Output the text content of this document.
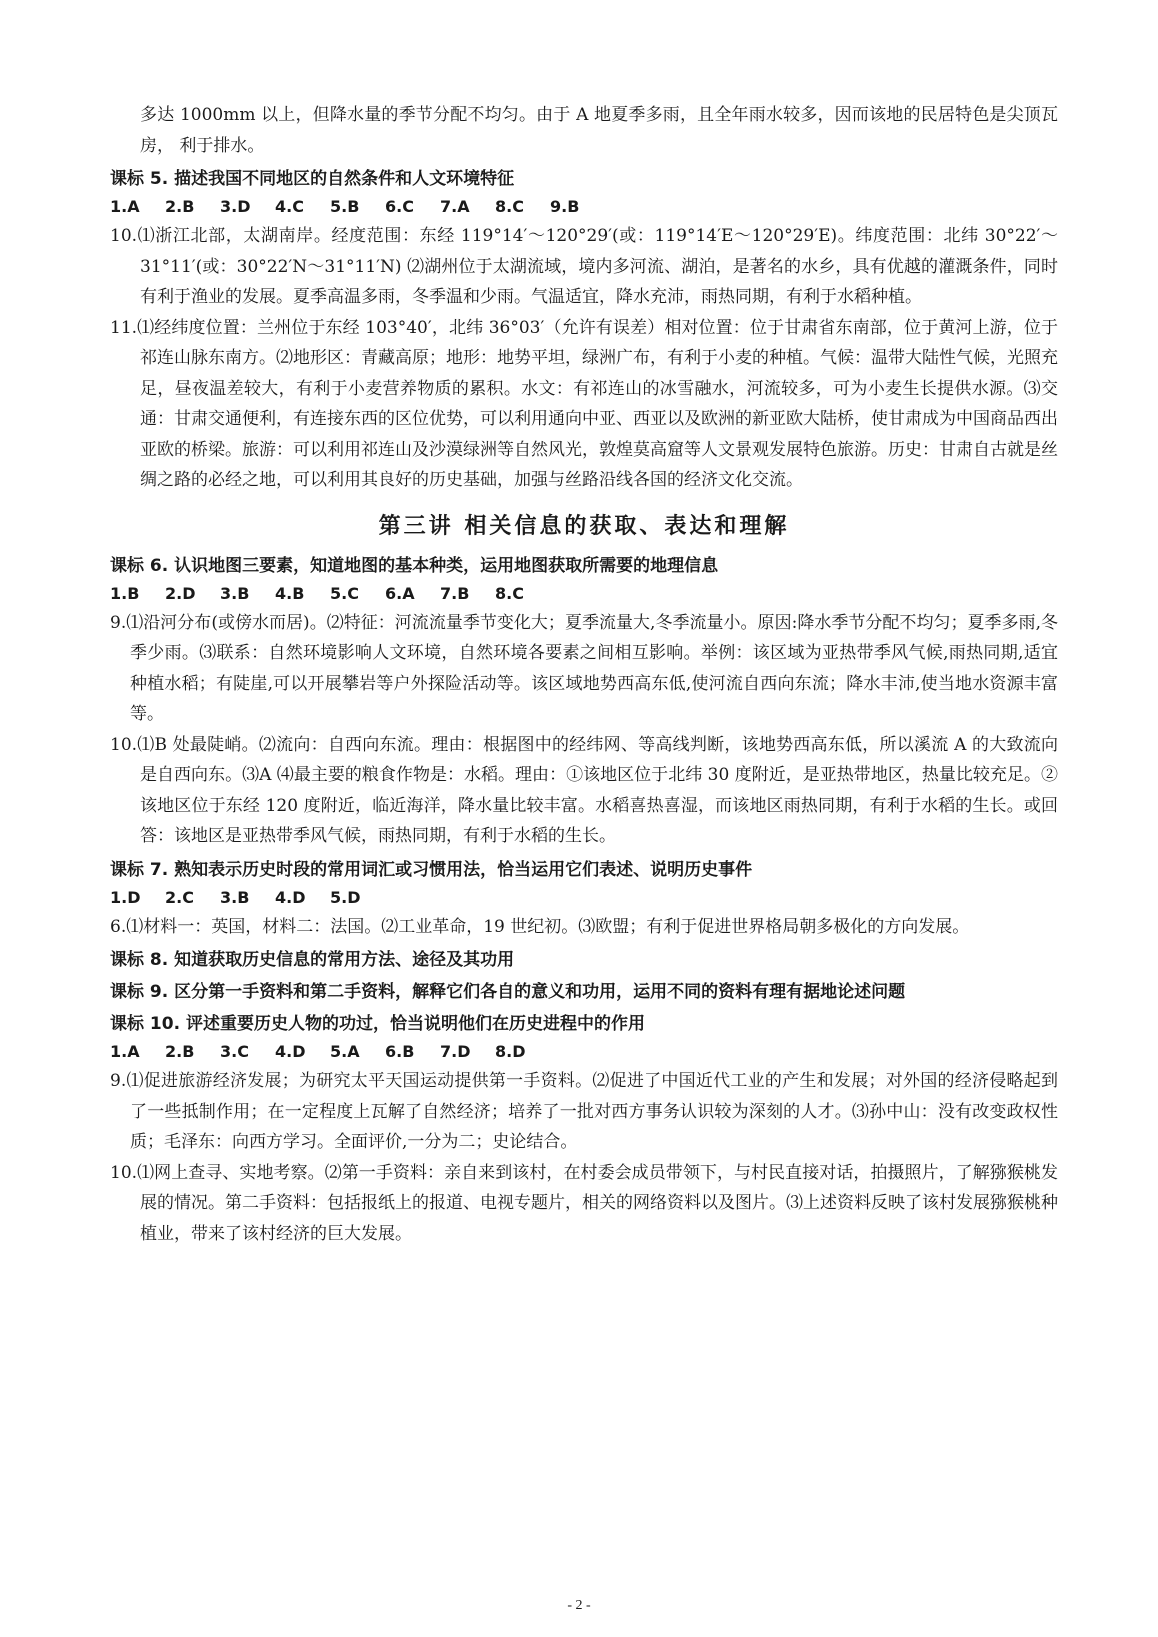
多达 1000mm 以上，但降水量的季节分配不均匀。由于 A 地夏季多雨，且全年雨水较多，因而该地的民居特色是尖顶瓦房， 利于排水。

课标 5. 描述我国不同地区的自然条件和人文环境特征

1.A 2.B 3.D 4.C 5.B 6.C 7.A 8.C 9.B

10.⑴浙江北部，太湖南岸。经度范围：东经 119°14′～120°29′(或：119°14′E～120°29′E)。纬度范围：北纬 30°22′～31°11′(或：30°22′N～31°11′N) ⑵湖州位于太湖流域，境内多河流、湖泊，是著名的水乡，具有优越的灌溉条件，同时有利于渔业的发展。夏季高温多雨，冬季温和少雨。气温适宜，降水充沛，雨热同期，有利于水稻种植。

11.⑴经纬度位置：兰州位于东经 103°40′，北纬 36°03′（允许有误差）相对位置：位于甘肃省东南部，位于黄河上游，位于祁连山脉东南方。⑵地形区：青藏高原；地形：地势平坦，绿洲广布，有利于小麦的种植。气候：温带大陆性气候，光照充足，昼夜温差较大，有利于小麦营养物质的累积。水文：有祁连山的冰雪融水，河流较多，可为小麦生长提供水源。⑶交通：甘肃交通便利，有连接东西的区位优势，可以利用通向中亚、西亚以及欧洲的新亚欧大陆桥，使甘肃成为中国商品西出亚欧的桥梁。旅游：可以利用祁连山及沙漠绿洲等自然风光，敦煌莫高窟等人文景观发展特色旅游。历史：甘肃自古就是丝绸之路的必经之地，可以利用其良好的历史基础，加强与丝路沿线各国的经济文化交流。

第三讲 相关信息的获取、表达和理解

课标 6. 认识地图三要素，知道地图的基本种类，运用地图获取所需要的地理信息

1.B 2.D 3.B 4.B 5.C 6.A 7.B 8.C

9.⑴沿河分布(或傍水而居)。⑵特征：河流流量季节变化大；夏季流量大,冬季流量小。原因:降水季节分配不均匀；夏季多雨,冬季少雨。⑶联系：自然环境影响人文环境，自然环境各要素之间相互影响。举例：该区域为亚热带季风气候,雨热同期,适宜种植水稻；有陡崖,可以开展攀岩等户外探险活动等。该区域地势西高东低,使河流自西向东流；降水丰沛,使当地水资源丰富等。

10.⑴B 处最陡峭。⑵流向：自西向东流。理由：根据图中的经纬网、等高线判断，该地势西高东低，所以溪流 A 的大致流向是自西向东。⑶A ⑷最主要的粮食作物是：水稻。理由：①该地区位于北纬 30 度附近，是亚热带地区，热量比较充足。②该地区位于东经 120 度附近，临近海洋，降水量比较丰富。水稻喜热喜湿，而该地区雨热同期，有利于水稻的生长。或回答：该地区是亚热带季风气候，雨热同期，有利于水稻的生长。

课标 7. 熟知表示历史时段的常用词汇或习惯用法，恰当运用它们表述、说明历史事件

1.D 2.C 3.B 4.D 5.D

6.⑴材料一：英国，材料二：法国。⑵工业革命，19 世纪初。⑶欧盟；有利于促进世界格局朝多极化的方向发展。

课标 8. 知道获取历史信息的常用方法、途径及其功用

课标 9. 区分第一手资料和第二手资料，解释它们各自的意义和功用，运用不同的资料有理有据地论述问题

课标 10. 评述重要历史人物的功过，恰当说明他们在历史进程中的作用

1.A 2.B 3.C 4.D 5.A 6.B 7.D 8.D

9.⑴促进旅游经济发展；为研究太平天国运动提供第一手资料。⑵促进了中国近代工业的产生和发展；对外国的经济侵略起到了一些抵制作用；在一定程度上瓦解了自然经济；培养了一批对西方事务认识较为深刻的人才。⑶孙中山：没有改变政权性质；毛泽东：向西方学习。全面评价,一分为二；史论结合。

10.⑴网上查寻、实地考察。⑵第一手资料：亲自来到该村，在村委会成员带领下，与村民直接对话，拍摄照片，了解猕猴桃发展的情况。第二手资料：包括报纸上的报道、电视专题片，相关的网络资料以及图片。⑶上述资料反映了该村发展猕猴桃种植业，带来了该村经济的巨大发展。

- 2 -
